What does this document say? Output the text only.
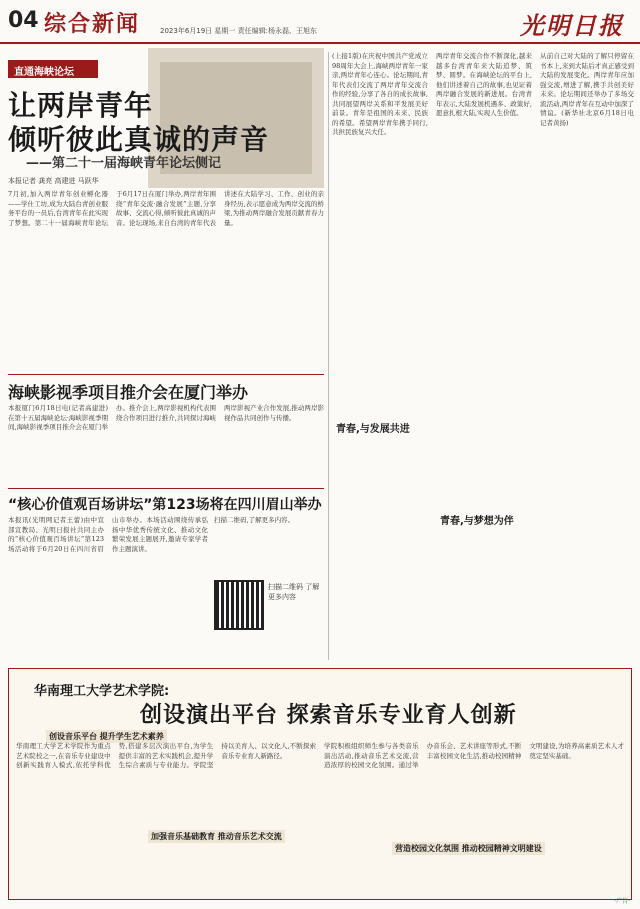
04 综合新闻	2023年6月19日 星期一 责任编辑:杨永磊、王旭东	光明日报
直通海峡论坛
让两岸青年
倾听彼此真诚的声音
——第二十一届海峡青年论坛侧记
本报记者 龚亮 高建进 马跃华
7月初,加入两岸青年创业孵化器——学仕工坊,成为大陆台青创业服务平台的一员后,台湾青年在此实现了梦想。第二十一届海峡青年论坛于6月17日在厦门举办,两岸青年围绕“青年交流·融合发展”主题,分享故事、交流心得,倾听彼此真诚的声音。论坛现场,来自台湾的青年代表讲述在大陆学习、工作、创业的亲身经历,表示愿意成为两岸交流的桥梁,为推动两岸融合发展贡献青春力量。
海峡影视季项目推介会在厦门举办
本报厦门6月18日电(记者高建进)在第十五届海峡论坛·海峡影视季期间,海峡影视季项目推介会在厦门举办。推介会上,两岸影视机构代表围绕合作项目进行推介,共同探讨海峡两岸影视产业合作发展,推动两岸影视作品共同创作与传播。
“核心价值观百场讲坛”第123场将在四川眉山举办
本报讯(光明网记者王蕾)由中宣部宣教局、光明日报社共同主办的“核心价值观百场讲坛”第123场活动将于6月20日在四川省眉山市举办。本场活动围绕传承弘扬中华优秀传统文化、推动文化繁荣发展主题展开,邀请专家学者作主题演讲。
扫描二维码,了解更多内容。
扫描二维码 了解更多内容
(上接1版)在庆祝中国共产党成立98周年大会上,海峡两岸青年一家亲,两岸青年心连心。论坛期间,青年代表们交流了两岸青年交流合作的经验,分享了各自的成长故事,共同展望两岸关系和平发展美好前景。青年是祖国的未来、民族的希望。希望两岸青年携手同行,共担民族复兴大任。
青春,与发展共进
两岸青年交流合作不断深化,越来越多台湾青年来大陆追梦、筑梦、圆梦。在海峡论坛的平台上,他们讲述着自己的故事,也见证着两岸融合发展的新进展。台湾青年表示,大陆发展机遇多、政策好,愿意扎根大陆,实现人生价值。
青春,与梦想为伴
从前自己对大陆的了解只停留在书本上,来到大陆后才真正感受到大陆的发展变化。两岸青年应加强交流,增进了解,携手共创美好未来。论坛期间还举办了多场交流活动,两岸青年在互动中加深了情谊。(新华社北京6月18日电 记者黄扬)
华南理工大学艺术学院:
创设演出平台 探索音乐专业育人创新
创设音乐平台 提升学生艺术素养
华南理工大学艺术学院作为重点艺术院校之一,在音乐专业建设中创新实践育人模式,依托学科优势,搭建多层次演出平台,为学生提供丰富的艺术实践机会,提升学生综合素质与专业能力。学院坚持以美育人、以文化人,不断探索音乐专业育人新路径。
加强音乐基础教育 推动音乐艺术交流
学院积极组织师生参与各类音乐演出活动,推动音乐艺术交流,营造浓厚的校园文化氛围。通过举办音乐会、艺术讲座等形式,不断丰富校园文化生活,推动校园精神文明建设,为培养高素质艺术人才奠定坚实基础。
营造校园文化氛围 推动校园精神文明建设
·广告·
